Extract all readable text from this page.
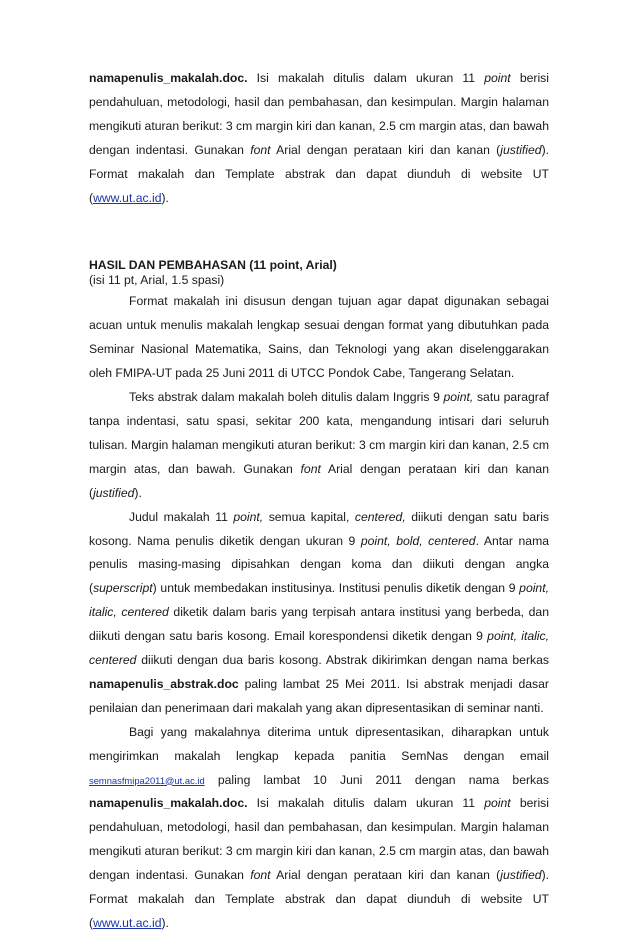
namapenulis_makalah.doc. Isi makalah ditulis dalam ukuran 11 point berisi pendahuluan, metodologi, hasil dan pembahasan, dan kesimpulan. Margin halaman mengikuti aturan berikut: 3 cm margin kiri dan kanan, 2.5 cm margin atas, dan bawah dengan indentasi. Gunakan font Arial dengan perataan kiri dan kanan (justified). Format makalah dan Template abstrak dan dapat diunduh di website UT (www.ut.ac.id).

HASIL DAN PEMBAHASAN (11 point, Arial)

(isi 11 pt, Arial, 1.5 spasi)

Format makalah ini disusun dengan tujuan agar dapat digunakan sebagai acuan untuk menulis makalah lengkap sesuai dengan format yang dibutuhkan pada Seminar Nasional Matematika, Sains, dan Teknologi yang akan diselenggarakan oleh FMIPA-UT pada 25 Juni 2011 di UTCC Pondok Cabe, Tangerang Selatan.

Teks abstrak dalam makalah boleh ditulis dalam Inggris 9 point, satu paragraf tanpa indentasi, satu spasi, sekitar 200 kata, mengandung intisari dari seluruh tulisan. Margin halaman mengikuti aturan berikut: 3 cm margin kiri dan kanan, 2.5 cm margin atas, dan bawah. Gunakan font Arial dengan perataan kiri dan kanan (justified).

Judul makalah 11 point, semua kapital, centered, diikuti dengan satu baris kosong. Nama penulis diketik dengan ukuran 9 point, bold, centered. Antar nama penulis masing-masing dipisahkan dengan koma dan diikuti dengan angka (superscript) untuk membedakan institusinya. Institusi penulis diketik dengan 9 point, italic, centered diketik dalam baris yang terpisah antara institusi yang berbeda, dan diikuti dengan satu baris kosong. Email korespondensi diketik dengan 9 point, italic, centered diikuti dengan dua baris kosong. Abstrak dikirimkan dengan nama berkas namapenulis_abstrak.doc paling lambat 25 Mei 2011. Isi abstrak menjadi dasar penilaian dan penerimaan dari makalah yang akan dipresentasikan di seminar nanti.

Bagi yang makalahnya diterima untuk dipresentasikan, diharapkan untuk mengirimkan makalah lengkap kepada panitia SemNas dengan email semnasfmipa2011@ut.ac.id paling lambat 10 Juni 2011 dengan nama berkas

namapenulis_makalah.doc. Isi makalah ditulis dalam ukuran 11 point berisi pendahuluan, metodologi, hasil dan pembahasan, dan kesimpulan. Margin halaman mengikuti aturan berikut: 3 cm margin kiri dan kanan, 2.5 cm margin atas, dan bawah dengan indentasi. Gunakan font Arial dengan perataan kiri dan kanan (justified). Format makalah dan Template abstrak dan dapat diunduh di website UT (www.ut.ac.id).
